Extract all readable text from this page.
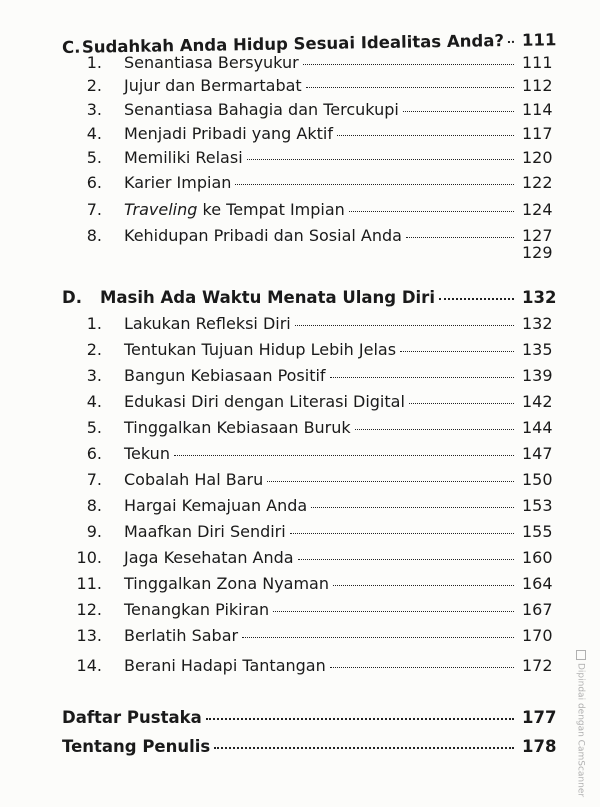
C. Sudahkah Anda Hidup Sesuai Idealitas Anda? 111
1. Senantiasa Bersyukur	111
2. Jujur dan Bermartabat	112
3. Senantiasa Bahagia dan Tercukupi	114
4. Menjadi Pribadi yang Aktif	117
5. Memiliki Relasi	120
6. Karier Impian	122
7. Traveling ke Tempat Impian	124
8. Kehidupan Pribadi dan Sosial Anda	127
129
D.	Masih Ada Waktu Menata Ulang Diri	132
1. Lakukan Refleksi Diri	132
2. Tentukan Tujuan Hidup Lebih Jelas	135
3. Bangun Kebiasaan Positif	139
4. Edukasi Diri dengan Literasi Digital	142
5. Tinggalkan Kebiasaan Buruk	144
6. Tekun	147
7. Cobalah Hal Baru	150
8. Hargai Kemajuan Anda	153
9. Maafkan Diri Sendiri	155
10. Jaga Kesehatan Anda	160
11. Tinggalkan Zona Nyaman	164
12. Tenangkan Pikiran	167
13. Berlatih Sabar	170
14. Berani Hadapi Tantangan	172
Daftar Pustaka	177
Tentang Penulis	178 Dipindai dengan CamScanner
